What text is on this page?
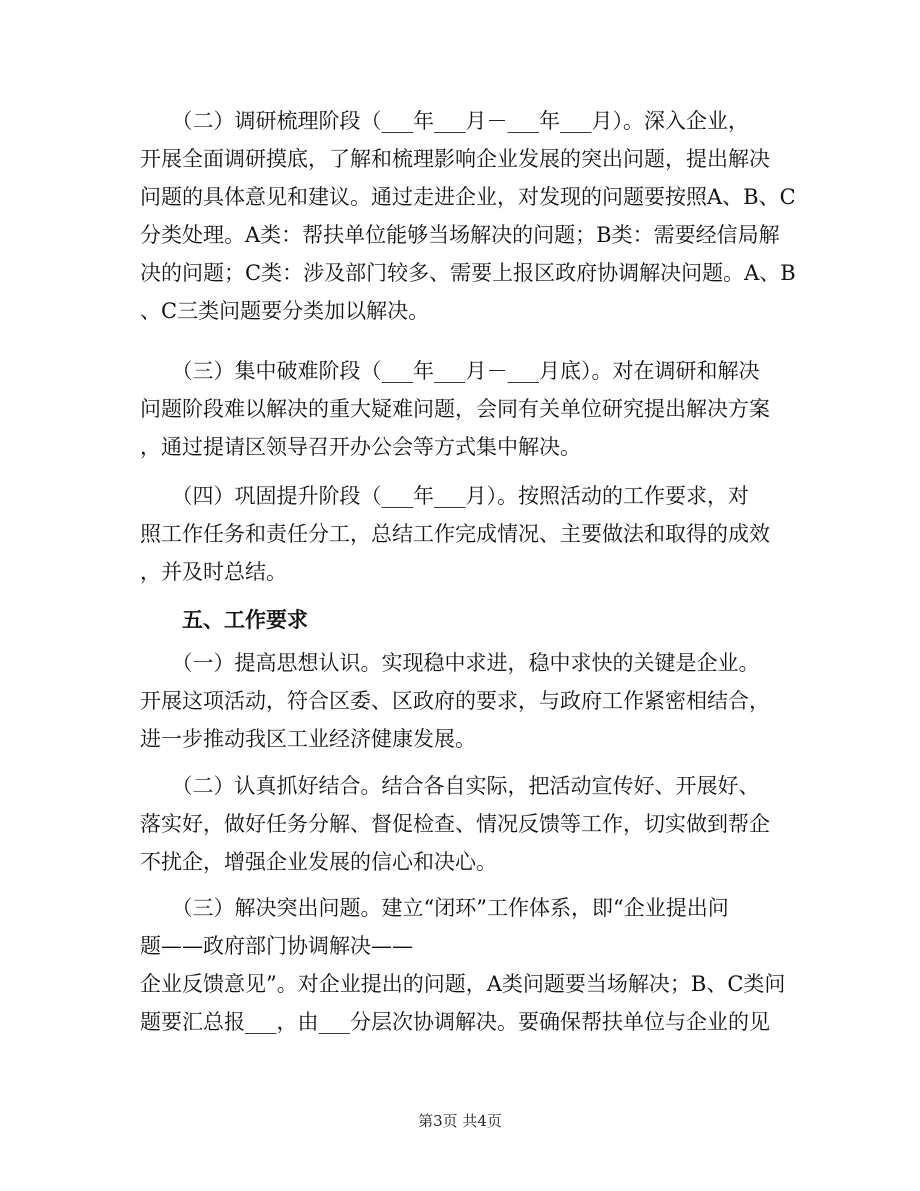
　　（二）调研梳理阶段（___年___月－___年___月）。深入企业，
开展全面调研摸底，了解和梳理影响企业发展的突出问题，提出解决
问题的具体意见和建议。通过走进企业，对发现的问题要按照A、B、C
分类处理。A类：帮扶单位能够当场解决的问题；B类：需要经信局解
决的问题；C类：涉及部门较多、需要上报区政府协调解决问题。A、B
、C三类问题要分类加以解决。
　　（三）集中破难阶段（___年___月－___月底）。对在调研和解决
问题阶段难以解决的重大疑难问题，会同有关单位研究提出解决方案
，通过提请区领导召开办公会等方式集中解决。
　　（四）巩固提升阶段（___年___月）。按照活动的工作要求，对
照工作任务和责任分工，总结工作完成情况、主要做法和取得的成效
，并及时总结。
　　五、工作要求
　　（一）提高思想认识。实现稳中求进，稳中求快的关键是企业。
开展这项活动，符合区委、区政府的要求，与政府工作紧密相结合，
进一步推动我区工业经济健康发展。
　　（二）认真抓好结合。结合各自实际，把活动宣传好、开展好、
落实好，做好任务分解、督促检查、情况反馈等工作，切实做到帮企
不扰企，增强企业发展的信心和决心。
　　（三）解决突出问题。建立“闭环”工作体系，即“企业提出问
题——政府部门协调解决——
企业反馈意见”。对企业提出的问题，A类问题要当场解决；B、C类问
题要汇总报___，由___分层次协调解决。要确保帮扶单位与企业的见
第3页 共4页
